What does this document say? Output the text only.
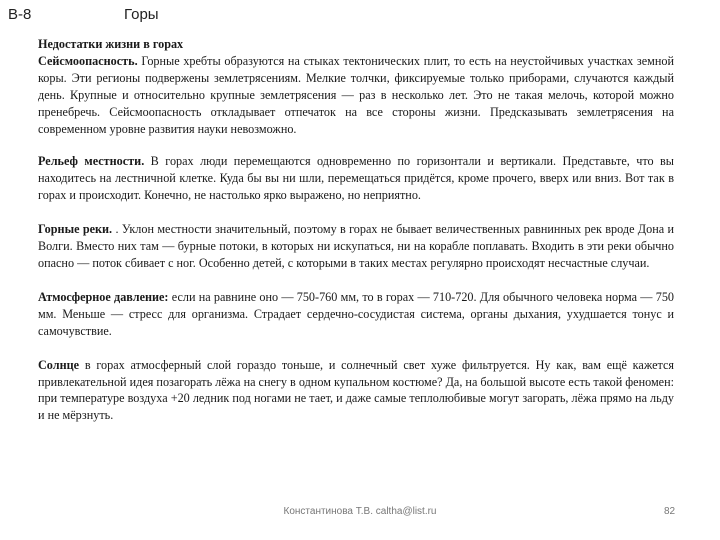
В-8	Горы

Недостатки жизни в горах
Сейсмоопасность. Горные хребты образуются на стыках тектонических плит, то есть на неустойчивых участках земной коры. Эти регионы подвержены землетрясениям. Мелкие толчки, фиксируемые только приборами, случаются каждый день. Крупные и относительно крупные землетрясения — раз в несколько лет. Это не такая мелочь, которой можно пренебречь. Сейсмоопасность откладывает отпечаток на все стороны жизни. Предсказывать землетрясения на современном уровне развития науки невозможно.

Рельеф местности. В горах люди перемещаются одновременно по горизонтали и вертикали. Представьте, что вы находитесь на лестничной клетке. Куда бы вы ни шли, перемещаться придётся, кроме прочего, вверх или вниз. Вот так в горах и происходит. Конечно, не настолько ярко выражено, но неприятно.

Горные реки. . Уклон местности значительный, поэтому в горах не бывает величественных равнинных рек вроде Дона и Волги. Вместо них там — бурные потоки, в которых ни искупаться, ни на корабле поплавать. Входить в эти реки обычно опасно — поток сбивает с ног. Особенно детей, с которыми в таких местах регулярно происходят несчастные случаи.

Атмосферное давление: если на равнине оно — 750-760 мм, то в горах — 710-720. Для обычного человека норма — 750 мм. Меньше — стресс для организма. Страдает сердечно-сосудистая система, органы дыхания, ухудшается тонус и самочувствие.

Солнце в горах атмосферный слой гораздо тоньше, и солнечный свет хуже фильтруется. Ну как, вам ещё кажется привлекательной идея позагорать лёжа на снегу в одном купальном костюме? Да, на большой высоте есть такой феномен: при температуре воздуха +20 ледник под ногами не тает, и даже самые теплолюбивые могут загорать, лёжа прямо на льду и не мёрзнуть.

Константинова Т.В. caltha@list.ru	82
